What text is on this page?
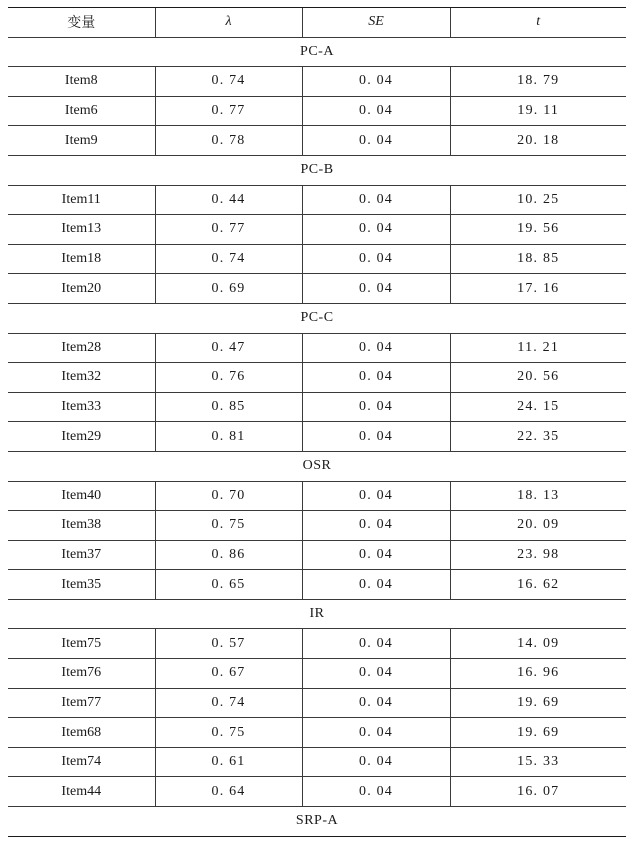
变量	λ	SE	t
PC-A			
Item8	0. 74	0. 04	18. 79
Item6	0. 77	0. 04	19. 11
Item9	0. 78	0. 04	20. 18
PC-B			
Item11	0. 44	0. 04	10. 25
Item13	0. 77	0. 04	19. 56
Item18	0. 74	0. 04	18. 85
Item20	0. 69	0. 04	17. 16
PC-C			
Item28	0. 47	0. 04	11. 21
Item32	0. 76	0. 04	20. 56
Item33	0. 85	0. 04	24. 15
Item29	0. 81	0. 04	22. 35
OSR			
Item40	0. 70	0. 04	18. 13
Item38	0. 75	0. 04	20. 09
Item37	0. 86	0. 04	23. 98
Item35	0. 65	0. 04	16. 62
IR			
Item75	0. 57	0. 04	14. 09
Item76	0. 67	0. 04	16. 96
Item77	0. 74	0. 04	19. 69
Item68	0. 75	0. 04	19. 69
Item74	0. 61	0. 04	15. 33
Item44	0. 64	0. 04	16. 07
SRP-A			
